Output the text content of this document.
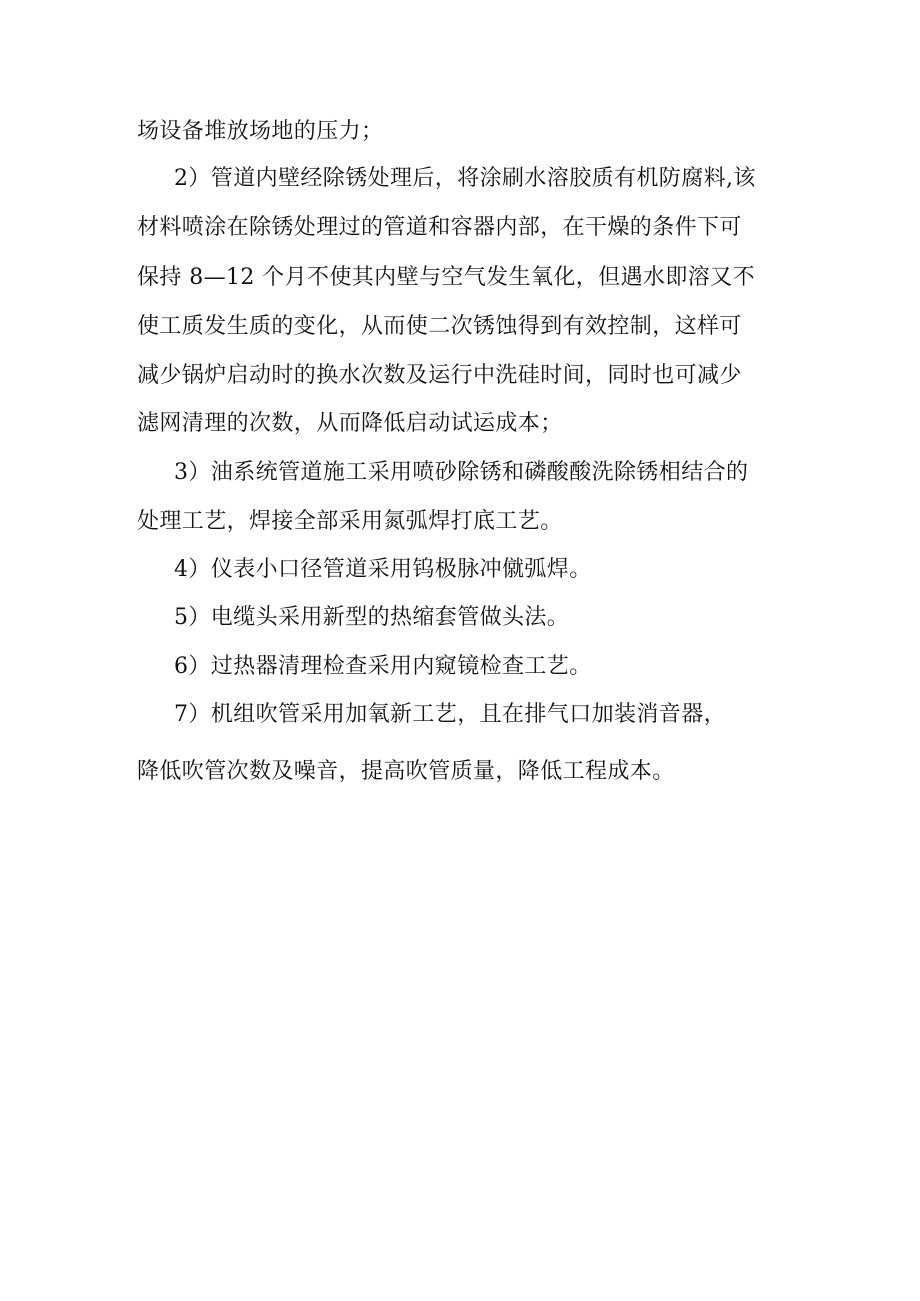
场设备堆放场地的压力；
2）管道内壁经除锈处理后，将涂刷水溶胶质有机防腐料,该
材料喷涂在除锈处理过的管道和容器内部，在干燥的条件下可
保持 8—12 个月不使其内壁与空气发生氧化，但遇水即溶又不
使工质发生质的变化，从而使二次锈蚀得到有效控制，这样可
减少锅炉启动时的换水次数及运行中洗硅时间，同时也可减少
滤网清理的次数，从而降低启动试运成本；
3）油系统管道施工采用喷砂除锈和磷酸酸洗除锈相结合的
处理工艺，焊接全部采用氮弧焊打底工艺。
4）仪表小口径管道采用钨极脉冲僦弧焊。
5）电缆头采用新型的热缩套管做头法。
6）过热器清理检查采用内窥镜检查工艺。
7）机组吹管采用加氧新工艺，且在排气口加装消音器，
降低吹管次数及噪音，提高吹管质量，降低工程成本。
